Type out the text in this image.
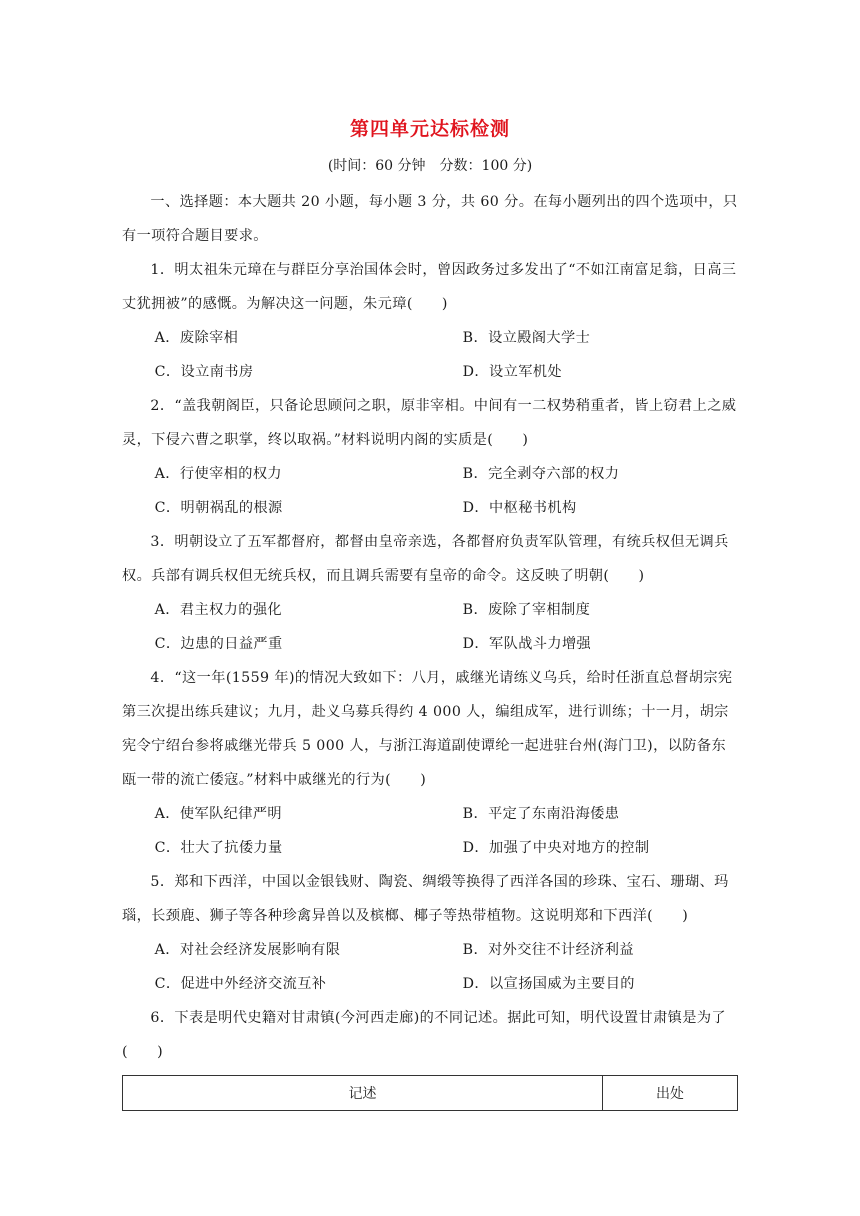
第四单元达标检测
(时间：60 分钟　分数：100 分)

一、选择题：本大题共 20 小题，每小题 3 分，共 60 分。在每小题列出的四个选项中，只有一项符合题目要求。

1．明太祖朱元璋在与群臣分享治国体会时，曾因政务过多发出了“不如江南富足翁，日高三丈犹拥被”的感慨。为解决这一问题，朱元璋(　　)

A．废除宰相	B．设立殿阁大学士
C．设立南书房	D．设立军机处

2．“盖我朝阁臣，只备论思顾问之职，原非宰相。中间有一二权势稍重者，皆上窃君上之威灵，下侵六曹之职掌，终以取祸。”材料说明内阁的实质是(　　)

A．行使宰相的权力	B．完全剥夺六部的权力
C．明朝祸乱的根源	D．中枢秘书机构

3．明朝设立了五军都督府，都督由皇帝亲选，各都督府负责军队管理，有统兵权但无调兵权。兵部有调兵权但无统兵权，而且调兵需要有皇帝的命令。这反映了明朝(　　)

A．君主权力的强化	B．废除了宰相制度
C．边患的日益严重	D．军队战斗力增强

4．“这一年(1559 年)的情况大致如下：八月，戚继光请练义乌兵，给时任浙直总督胡宗宪第三次提出练兵建议；九月，赴义乌募兵得约 4 000 人，编组成军，进行训练；十一月，胡宗宪令宁绍台参将戚继光带兵 5 000 人，与浙江海道副使谭纶一起进驻台州(海门卫)，以防备东瓯一带的流亡倭寇。”材料中戚继光的行为(　　)

A．使军队纪律严明	B．平定了东南沿海倭患
C．壮大了抗倭力量	D．加强了中央对地方的控制

5．郑和下西洋，中国以金银钱财、陶瓷、绸缎等换得了西洋各国的珍珠、宝石、珊瑚、玛瑙，长颈鹿、狮子等各种珍禽异兽以及槟榔、椰子等热带植物。这说明郑和下西洋(　　)

A．对社会经济发展影响有限	B．对外交往不计经济利益
C．促进中外经济交流互补	D．以宣扬国威为主要目的

6．下表是明代史籍对甘肃镇(今河西走廊)的不同记述。据此可知，明代设置甘肃镇是为了(　　)

记述	出处
